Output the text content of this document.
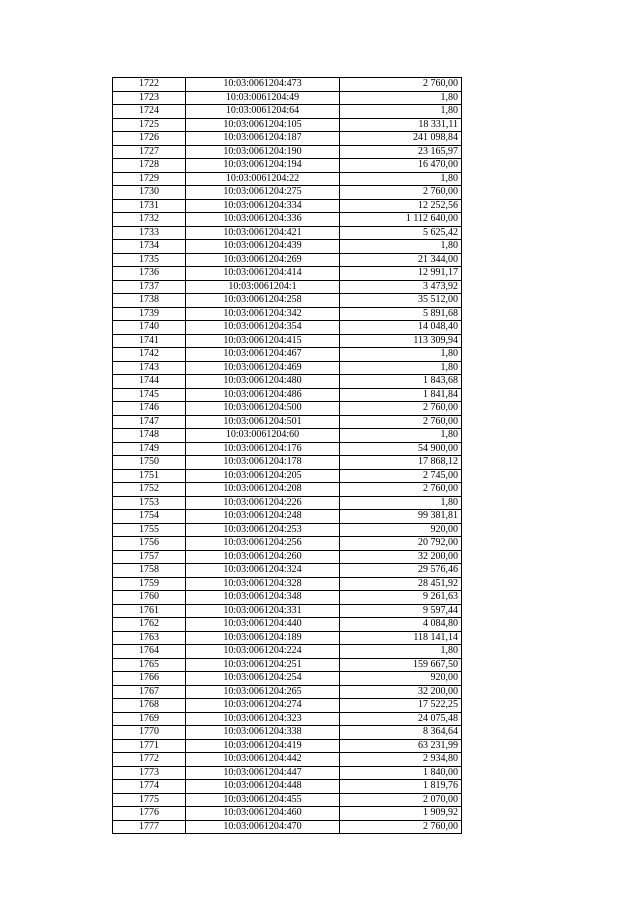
1722	10:03:0061204:473	2 760,00
1723	10:03:0061204:49	1,80
1724	10:03:0061204:64	1,80
1725	10:03:0061204:105	18 331,11
1726	10:03:0061204:187	241 098,84
1727	10:03:0061204:190	23 165,97
1728	10:03:0061204:194	16 470,00
1729	10:03:0061204:22	1,80
1730	10:03:0061204:275	2 760,00
1731	10:03:0061204:334	12 252,56
1732	10:03:0061204:336	1 112 640,00
1733	10:03:0061204:421	5 625,42
1734	10:03:0061204:439	1,80
1735	10:03:0061204:269	21 344,00
1736	10:03:0061204:414	12 991,17
1737	10:03:0061204:1	3 473,92
1738	10:03:0061204:258	35 512,00
1739	10:03:0061204:342	5 891,68
1740	10:03:0061204:354	14 048,40
1741	10:03:0061204:415	113 309,94
1742	10:03:0061204:467	1,80
1743	10:03:0061204:469	1,80
1744	10:03:0061204:480	1 843,68
1745	10:03:0061204:486	1 841,84
1746	10:03:0061204:500	2 760,00
1747	10:03:0061204:501	2 760,00
1748	10:03:0061204:60	1,80
1749	10:03:0061204:176	54 900,00
1750	10:03:0061204:178	17 868,12
1751	10:03:0061204:205	2 745,00
1752	10:03:0061204:208	2 760,00
1753	10:03:0061204:226	1,80
1754	10:03:0061204:248	99 381,81
1755	10:03:0061204:253	920,00
1756	10:03:0061204:256	20 792,00
1757	10:03:0061204:260	32 200,00
1758	10:03:0061204:324	29 576,46
1759	10:03:0061204:328	28 451,92
1760	10:03:0061204:348	9 261,63
1761	10:03:0061204:331	9 597,44
1762	10:03:0061204:440	4 084,80
1763	10:03:0061204:189	118 141,14
1764	10:03:0061204:224	1,80
1765	10:03:0061204:251	159 667,50
1766	10:03:0061204:254	920,00
1767	10:03:0061204:265	32 200,00
1768	10:03:0061204:274	17 522,25
1769	10:03:0061204:323	24 075,48
1770	10:03:0061204:338	8 364,64
1771	10:03:0061204:419	63 231,99
1772	10:03:0061204:442	2 934,80
1773	10:03:0061204:447	1 840,00
1774	10:03:0061204:448	1 819,76
1775	10:03:0061204:455	2 070,00
1776	10:03:0061204:460	1 909,92
1777	10:03:0061204:470	2 760,00
